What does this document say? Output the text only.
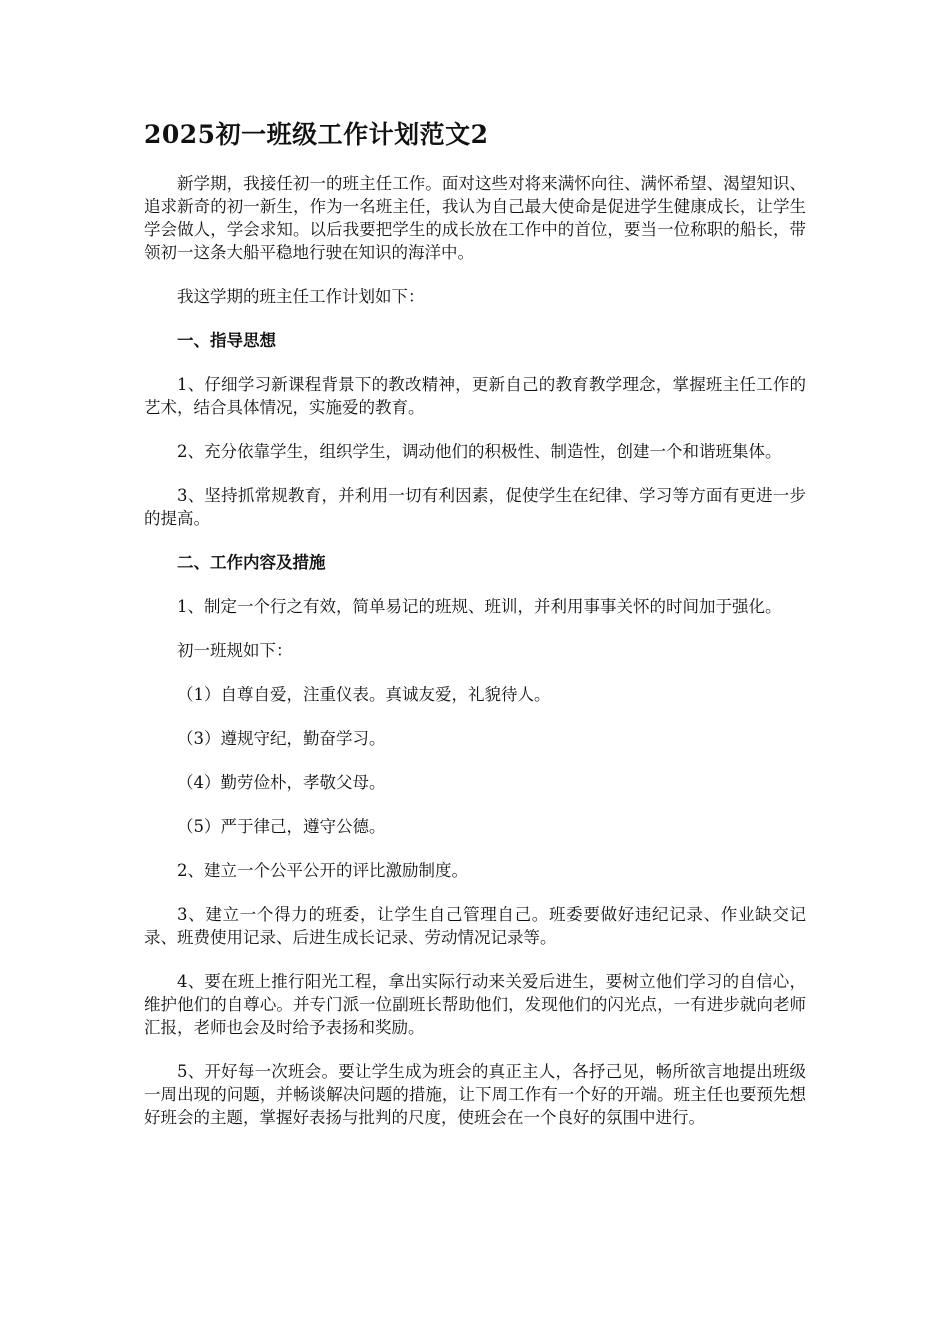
2025初一班级工作计划范文2

新学期，我接任初一的班主任工作。面对这些对将来满怀向往、满怀希望、渴望知识、追求新奇的初一新生，作为一名班主任，我认为自己最大使命是促进学生健康成长，让学生学会做人，学会求知。以后我要把学生的成长放在工作中的首位，要当一位称职的船长，带领初一这条大船平稳地行驶在知识的海洋中。

我这学期的班主任工作计划如下：

一、指导思想

1、仔细学习新课程背景下的教改精神，更新自己的教育教学理念，掌握班主任工作的艺术，结合具体情况，实施爱的教育。

2、充分依靠学生，组织学生，调动他们的积极性、制造性，创建一个和谐班集体。

3、坚持抓常规教育，并利用一切有利因素，促使学生在纪律、学习等方面有更进一步的提高。

二、工作内容及措施

1、制定一个行之有效，简单易记的班规、班训，并利用事事关怀的时间加于强化。

初一班规如下：

（1）自尊自爱，注重仪表。真诚友爱，礼貌待人。

（3）遵规守纪，勤奋学习。

（4）勤劳俭朴，孝敬父母。

（5）严于律己，遵守公德。

2、建立一个公平公开的评比激励制度。

3、建立一个得力的班委，让学生自己管理自己。班委要做好违纪记录、作业缺交记录、班费使用记录、后进生成长记录、劳动情况记录等。

4、要在班上推行阳光工程，拿出实际行动来关爱后进生，要树立他们学习的自信心，维护他们的自尊心。并专门派一位副班长帮助他们，发现他们的闪光点，一有进步就向老师汇报，老师也会及时给予表扬和奖励。

5、开好每一次班会。要让学生成为班会的真正主人，各抒己见，畅所欲言地提出班级一周出现的问题，并畅谈解决问题的措施，让下周工作有一个好的开端。班主任也要预先想好班会的主题，掌握好表扬与批判的尺度，使班会在一个良好的氛围中进行。
